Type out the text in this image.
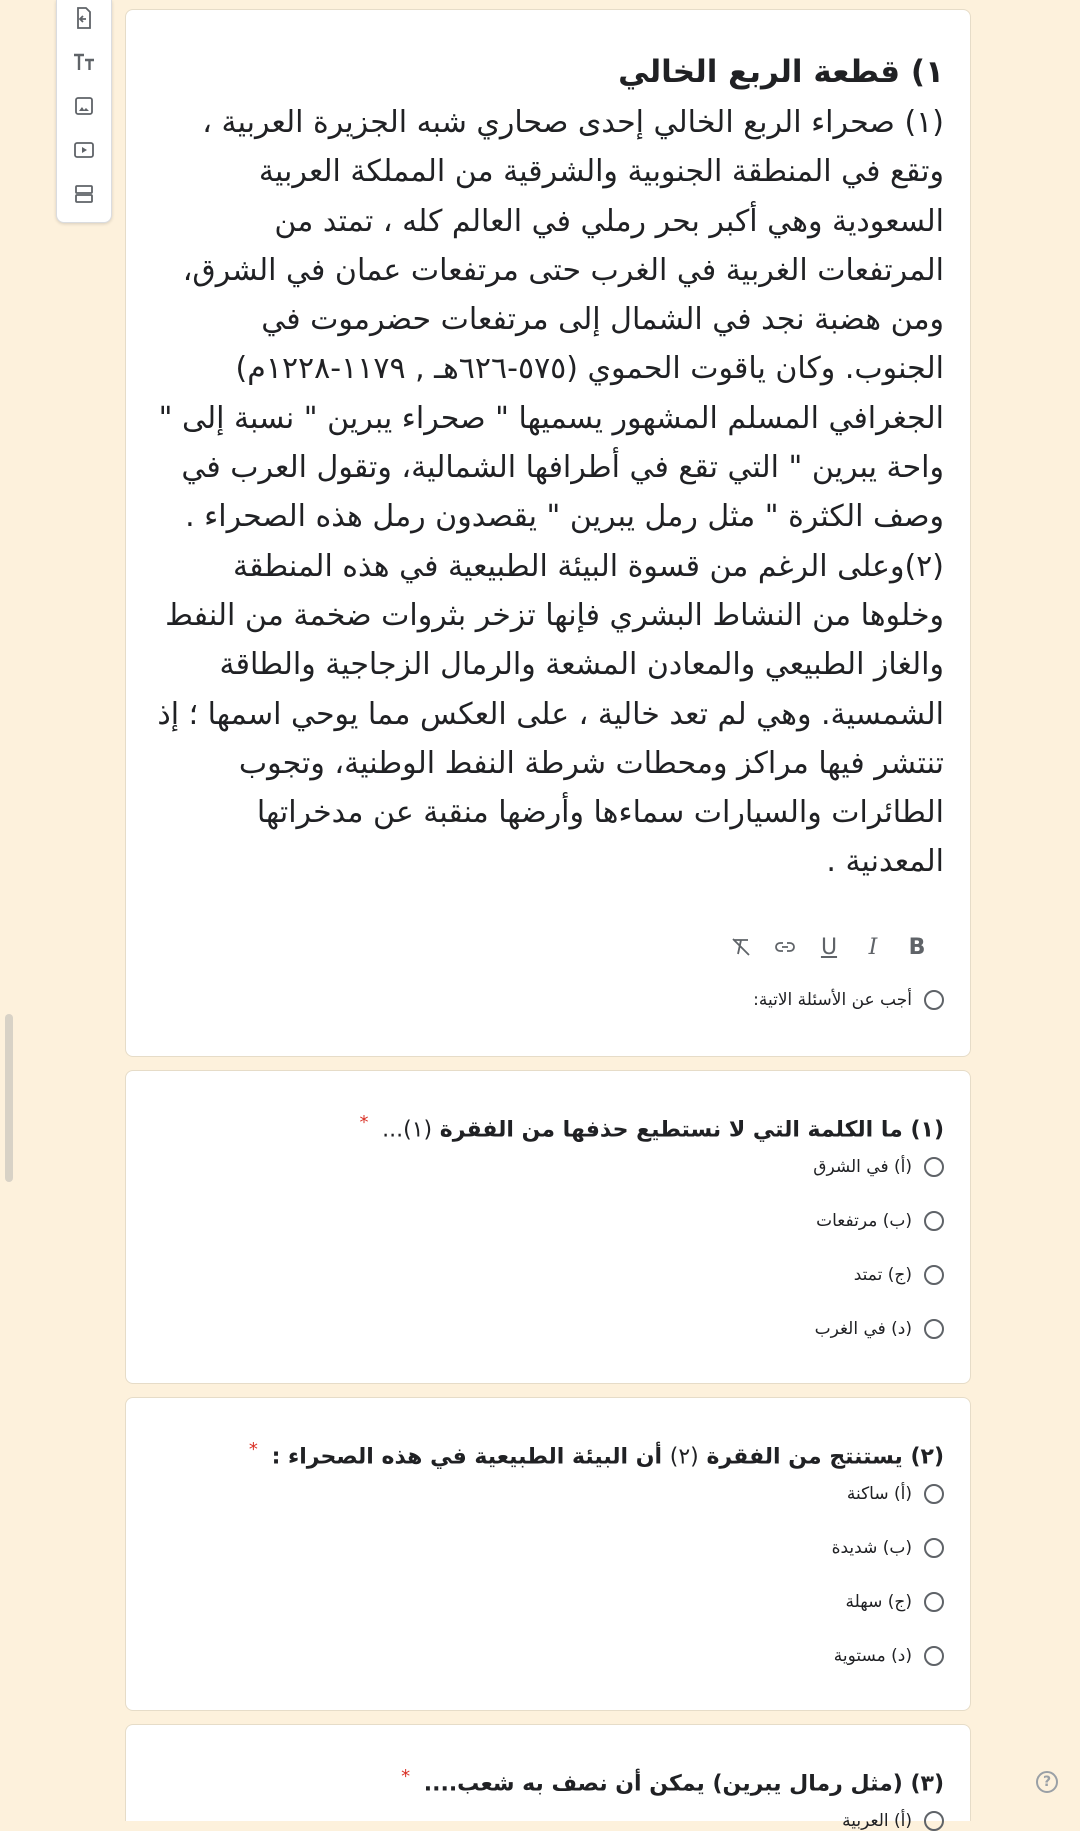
١) قطعة الربع الخالي

(١) صحراء الربع الخالي إحدى صحاري شبه الجزيرة العربية ، وتقع في المنطقة الجنوبية والشرقية من المملكة العربية السعودية وهي أكبر بحر رملي في العالم كله ، تمتد من المرتفعات الغربية في الغرب حتى مرتفعات عمان في الشرق، ومن هضبة نجد في الشمال إلى مرتفعات حضرموت في الجنوب. وكان ياقوت الحموي (٥٧٥-٦٢٦هـ , ١١٧٩-١٢٢٨م) الجغرافي المسلم المشهور يسميها " صحراء يبرين " نسبة إلى " واحة يبرين " التي تقع في أطرافها الشمالية، وتقول العرب في وصف الكثرة " مثل رمل يبرين " يقصدون رمل هذه الصحراء .

(٢)وعلى الرغم من قسوة البيئة الطبيعية في هذه المنطقة وخلوها من النشاط البشري فإنها تزخر بثروات ضخمة من النفط والغاز الطبيعي والمعادن المشعة والرمال الزجاجية والطاقة الشمسية. وهي لم تعد خالية ، على العكس مما يوحي اسمها ؛ إذ تنتشر فيها مراكز ومحطات شرطة النفط الوطنية، وتجوب الطائرات والسيارات سماءها وأرضها منقبة عن مدخراتها المعدنية .

B
I
U
أجب عن الأسئلة الاتية:
(١) ما الكلمة التي لا نستطيع حذفها من الفقرة (١)... *
(أ) في الشرق
(ب) مرتفعات
(ج) تمتد
(د) في الغرب
(٢) يستنتج من الفقرة (٢) أن البيئة الطبيعية في هذه الصحراء : *
(أ) ساكنة
(ب) شديدة
(ج) سهلة
(د) مستوية
(٣) (مثل رمال يبرين) يمكن أن نصف به شعب.... *
(أ) العربية
?
